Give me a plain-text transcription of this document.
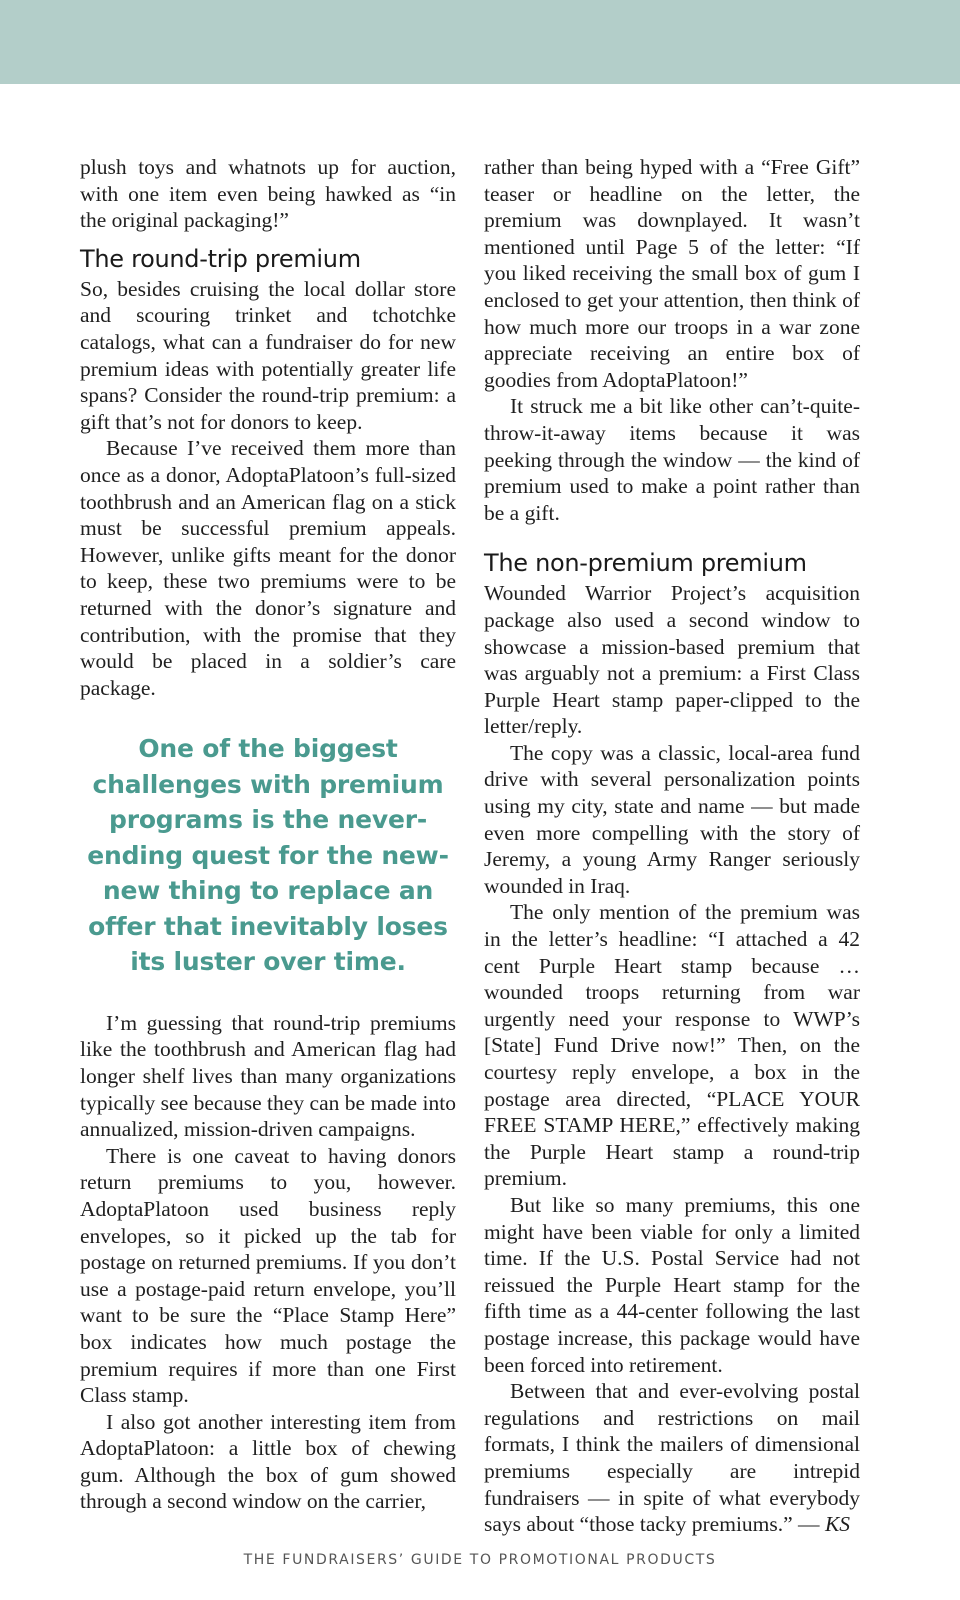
plush toys and whatnots up for auction, with one item even being hawked as “in the original packaging!”

The round-trip premium

So, besides cruising the local dollar store and scouring trinket and tchotchke catalogs, what can a fundraiser do for new premium ideas with potentially greater life spans? Consider the round-trip premium: a gift that’s not for donors to keep.

Because I’ve received them more than once as a donor, AdoptaPlatoon’s full-sized toothbrush and an American flag on a stick must be successful premium appeals. However, unlike gifts meant for the donor to keep, these two premiums were to be returned with the donor’s signature and contribution, with the promise that they would be placed in a soldier’s care package.

One of the biggest challenges with premium programs is the never-ending quest for the new-new thing to replace an offer that inevitably loses its luster over time.

I’m guessing that round-trip premiums like the toothbrush and American flag had longer shelf lives than many organizations typically see because they can be made into annualized, mission-driven campaigns.

There is one caveat to having donors return premiums to you, however. AdoptaPlatoon used business reply envelopes, so it picked up the tab for postage on returned premiums. If you don’t use a postage-paid return envelope, you’ll want to be sure the “Place Stamp Here” box indicates how much postage the premium requires if more than one First Class stamp.

I also got another interesting item from AdoptaPlatoon: a little box of chewing gum. Although the box of gum showed through a second window on the carrier,

rather than being hyped with a “Free Gift” teaser or headline on the letter, the premium was downplayed. It wasn’t mentioned until Page 5 of the letter: “If you liked receiving the small box of gum I enclosed to get your attention, then think of how much more our troops in a war zone appreciate receiving an entire box of goodies from AdoptaPlatoon!”

It struck me a bit like other can’t-quite-throw-it-away items because it was peeking through the window — the kind of premium used to make a point rather than be a gift.

The non-premium premium

Wounded Warrior Project’s acquisition package also used a second window to showcase a mission-based premium that was arguably not a premium: a First Class Purple Heart stamp paper-clipped to the letter/reply.

The copy was a classic, local-area fund drive with several personalization points using my city, state and name — but made even more compelling with the story of Jeremy, a young Army Ranger seriously wounded in Iraq.

The only mention of the premium was in the letter’s headline: “I attached a 42 cent Purple Heart stamp because … wounded troops returning from war urgently need your response to WWP’s [State] Fund Drive now!” Then, on the courtesy reply envelope, a box in the postage area directed, “PLACE YOUR FREE STAMP HERE,” effectively making the Purple Heart stamp a round-trip premium.

But like so many premiums, this one might have been viable for only a limited time. If the U.S. Postal Service had not reissued the Purple Heart stamp for the fifth time as a 44-center following the last postage increase, this package would have been forced into retirement.

Between that and ever-evolving postal regulations and restrictions on mail formats, I think the mailers of dimensional premiums especially are intrepid fundraisers — in spite of what everybody says about “those tacky premiums.” — KS

THE FUNDRAISERS’ GUIDE TO PROMOTIONAL PRODUCTS
